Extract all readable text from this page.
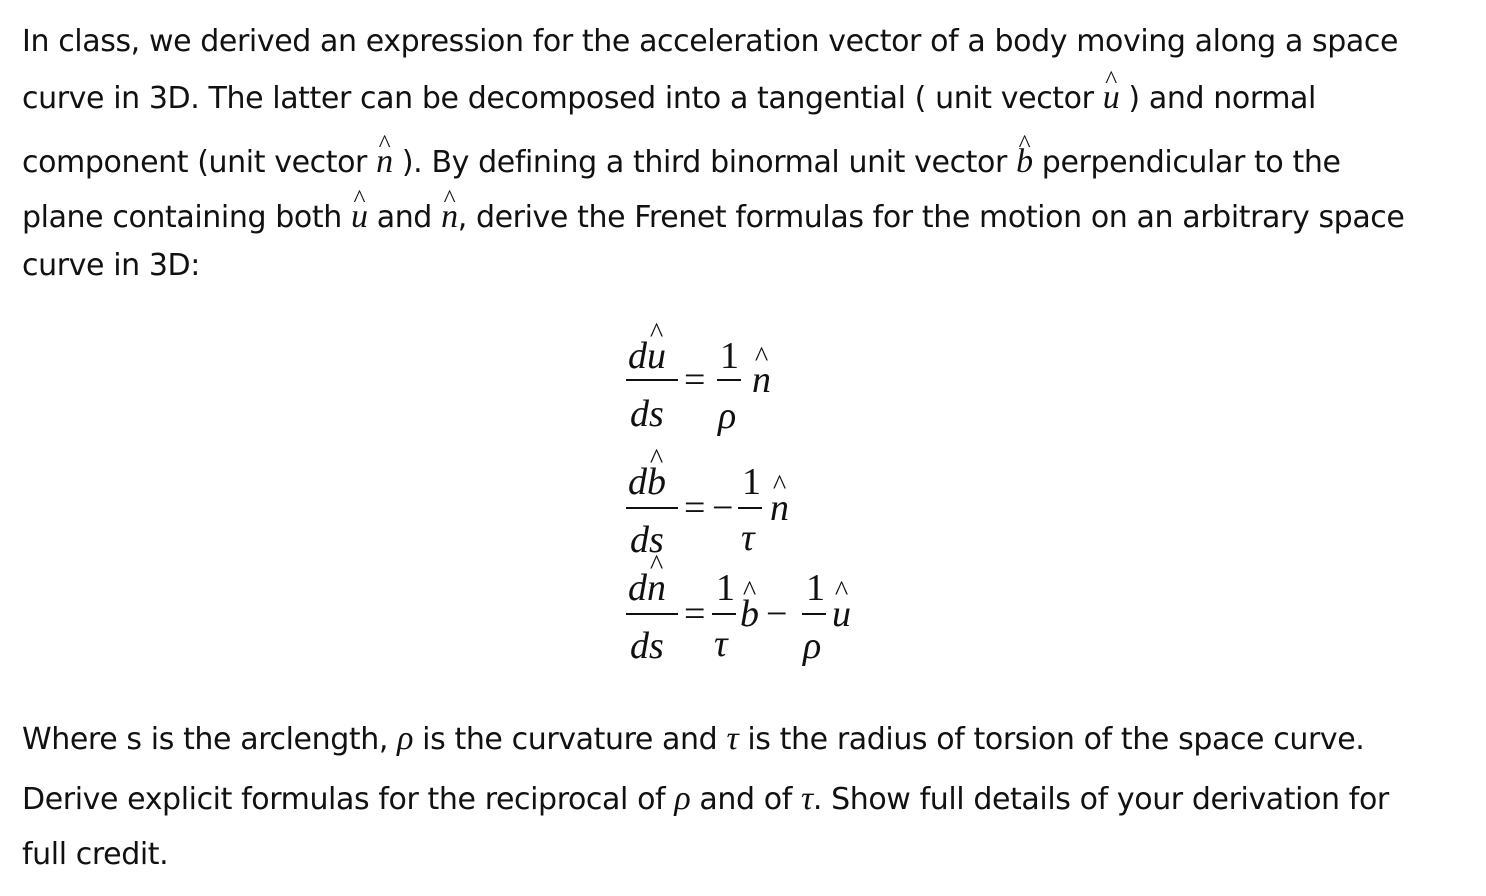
In class, we derived an expression for the acceleration vector of a body moving along a space
curve in 3D. The latter can be decomposed into a tangential ( unit vector u ^ ) and normal
component (unit vector n ^ ). By defining a third binormal unit vector b ^ perpendicular to the
plane containing both u ^ and n ^, derive the Frenet formulas for the motion on an arbitrary space
curve in 3D:
du ^
ds
=
1
ρ
n ^
db ^
ds
= −
1
τ
n ^
dn ^
ds
=
1
τ
b ^ −
1
ρ
u ^
Where s is the arclength, ρ is the curvature and τ is the radius of torsion of the space curve.
Derive explicit formulas for the reciprocal of ρ and of τ. Show full details of your derivation for
full credit.
